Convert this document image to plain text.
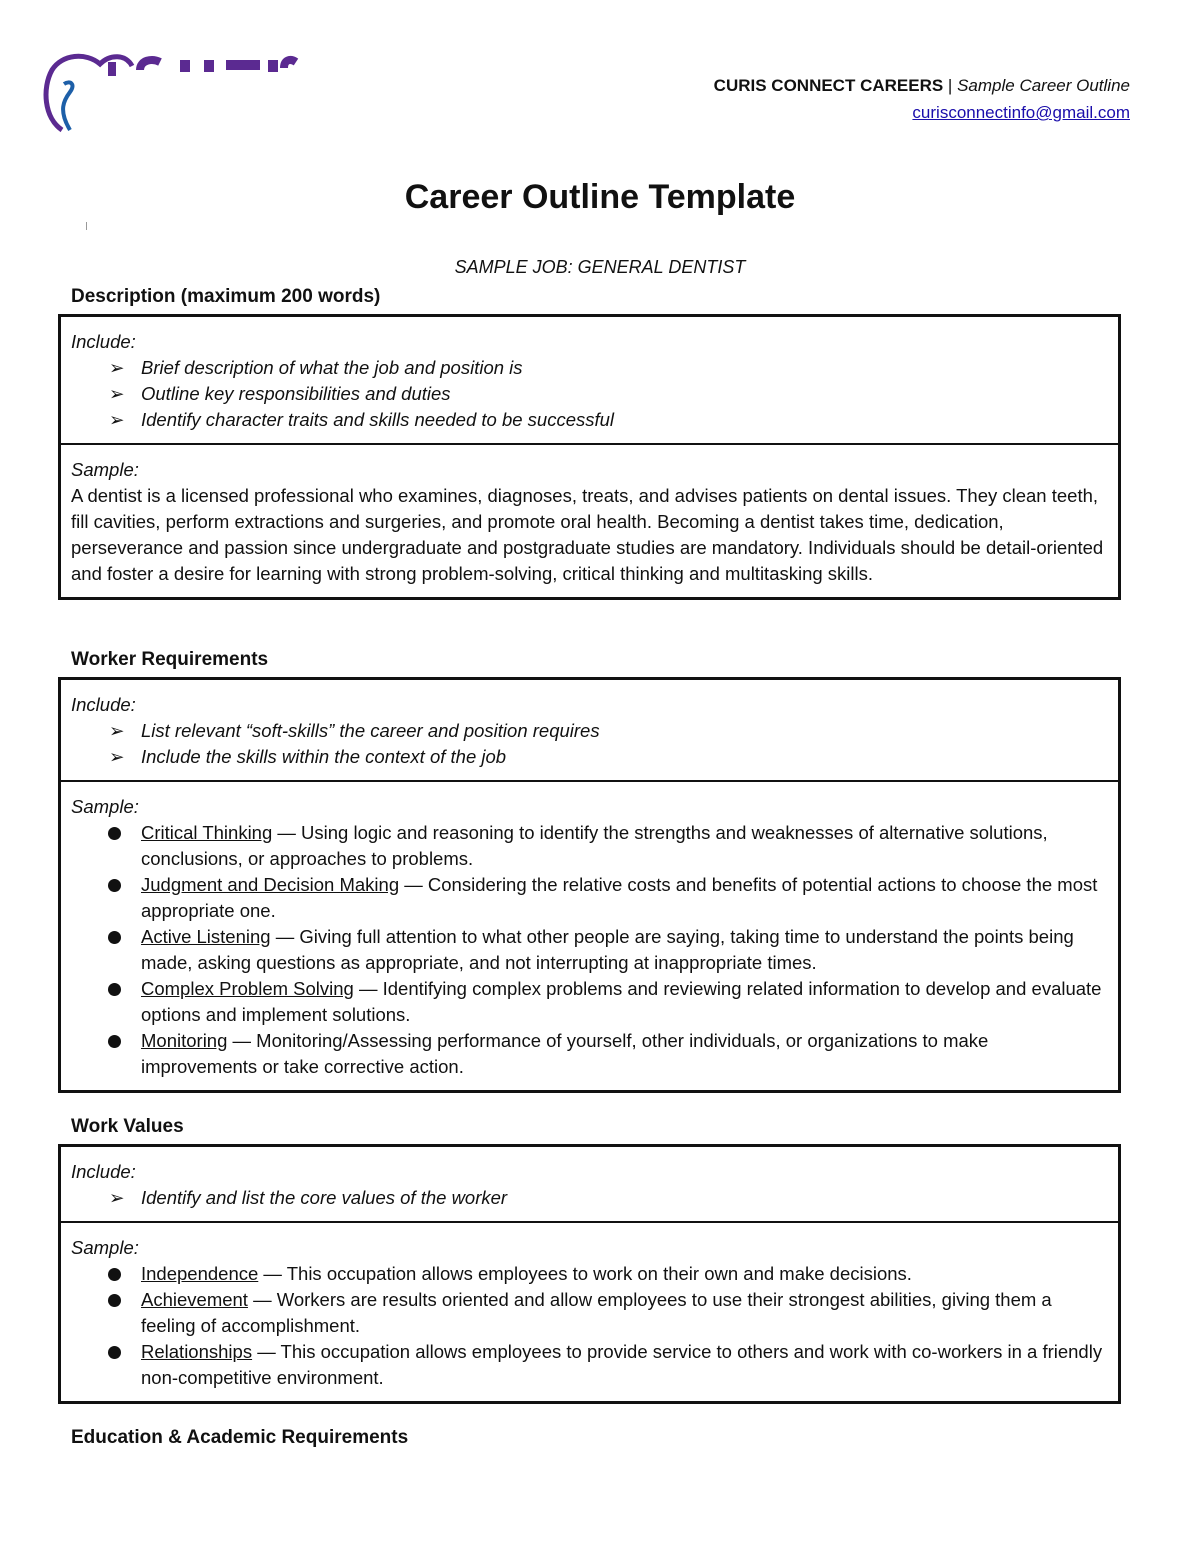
CURIS CONNECT CAREERS | Sample Career Outline
curisconnectinfo@gmail.com
Career Outline Template
SAMPLE JOB: GENERAL DENTIST
Description (maximum 200 words)
Include:
➢ Brief description of what the job and position is
➢ Outline key responsibilities and duties
➢ Identify character traits and skills needed to be successful
Sample:

A dentist is a licensed professional who examines, diagnoses, treats, and advises patients on dental issues. They clean teeth, fill cavities, perform extractions and surgeries, and promote oral health. Becoming a dentist takes time, dedication, perseverance and passion since undergraduate and postgraduate studies are mandatory. Individuals should be detail-oriented and foster a desire for learning with strong problem-solving, critical thinking and multitasking skills.

Worker Requirements
Include:
➢ List relevant “soft-skills” the career and position requires
➢ Include the skills within the context of the job
Sample:
Critical Thinking — Using logic and reasoning to identify the strengths and weaknesses of alternative solutions, conclusions, or approaches to problems.
Judgment and Decision Making — Considering the relative costs and benefits of potential actions to choose the most appropriate one.
Active Listening — Giving full attention to what other people are saying, taking time to understand the points being made, asking questions as appropriate, and not interrupting at inappropriate times.
Complex Problem Solving — Identifying complex problems and reviewing related information to develop and evaluate options and implement solutions.
Monitoring — Monitoring/Assessing performance of yourself, other individuals, or organizations to make improvements or take corrective action.
Work Values
Include:
➢ Identify and list the core values of the worker
Sample:
Independence — This occupation allows employees to work on their own and make decisions.
Achievement — Workers are results oriented and allow employees to use their strongest abilities, giving them a feeling of accomplishment.
Relationships — This occupation allows employees to provide service to others and work with co-workers in a friendly non-competitive environment.
Education & Academic Requirements
